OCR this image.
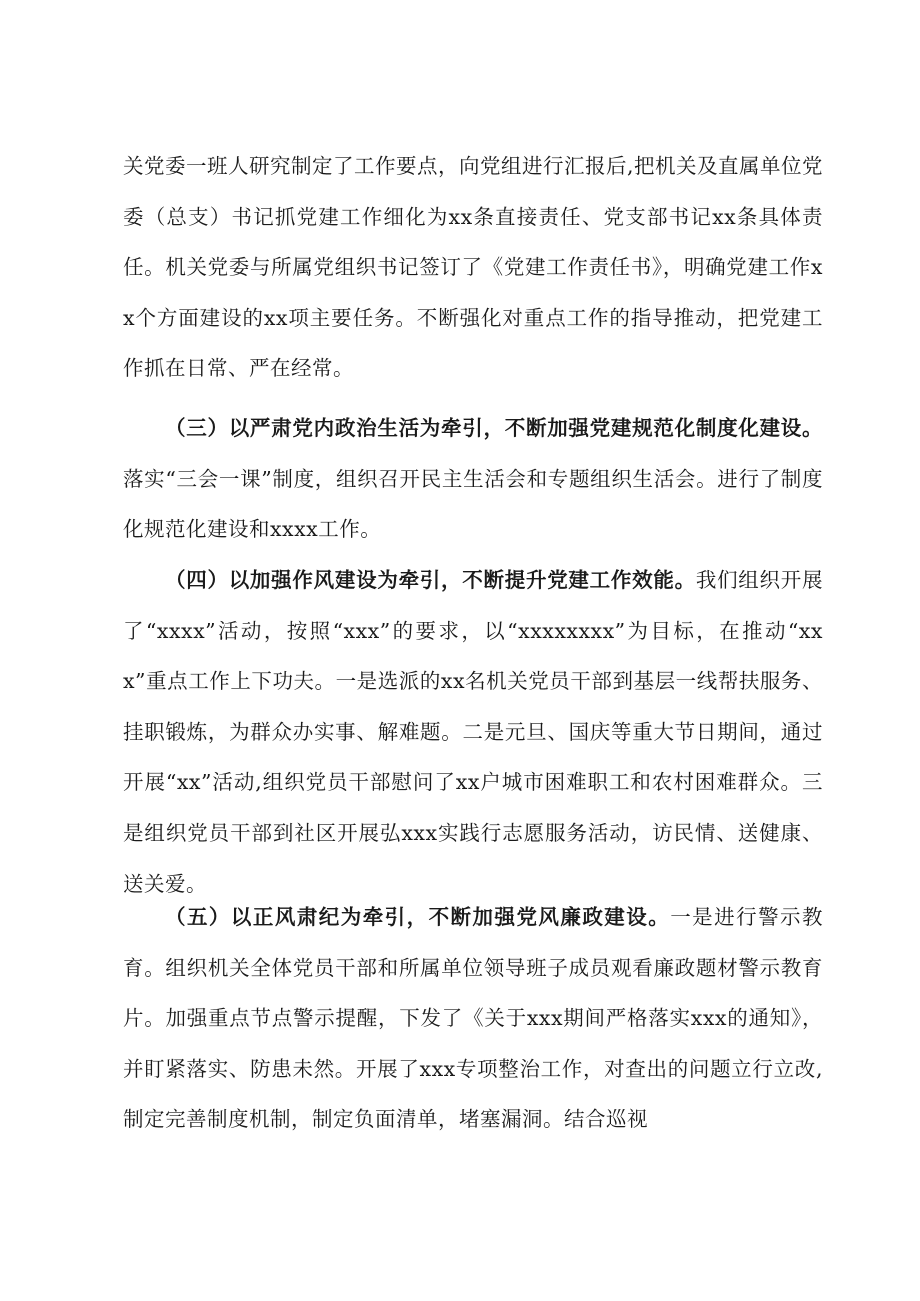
关党委一班人研究制定了工作要点，向党组进行汇报后,把机关及直属单位党委（总支）书记抓党建工作细化为xx条直接责任、党支部书记xx条具体责任。机关党委与所属党组织书记签订了《党建工作责任书》，明确党建工作xx个方面建设的xx项主要任务。不断强化对重点工作的指导推动，把党建工作抓在日常、严在经常。

（三）以严肃党内政治生活为牵引，不断加强党建规范化制度化建设。落实“三会一课”制度，组织召开民主生活会和专题组织生活会。进行了制度化规范化建设和xxxx工作。

（四）以加强作风建设为牵引，不断提升党建工作效能。我们组织开展了“xxxx”活动，按照“xxx”的要求，以“xxxxxxxx”为目标，在推动“xxx”重点工作上下功夫。一是选派的xx名机关党员干部到基层一线帮扶服务、挂职锻炼，为群众办实事、解难题。二是元旦、国庆等重大节日期间，通过开展“xx”活动,组织党员干部慰问了xx户城市困难职工和农村困难群众。三是组织党员干部到社区开展弘xxx实践行志愿服务活动，访民情、送健康、送关爱。

（五）以正风肃纪为牵引，不断加强党风廉政建设。一是进行警示教育。组织机关全体党员干部和所属单位领导班子成员观看廉政题材警示教育片。加强重点节点警示提醒，下发了《关于xxx期间严格落实xxx的通知》，并盯紧落实、防患未然。开展了xxx专项整治工作，对查出的问题立行立改,制定完善制度机制，制定负面清单，堵塞漏洞。结合巡视
